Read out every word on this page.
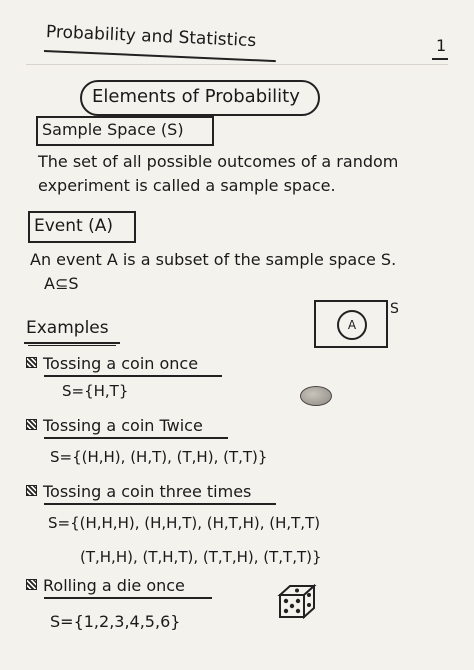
Probability and Statistics	1
Elements of Probability
Sample Space (S)
The set of all possible outcomes of a random
experiment is called a sample space.
Event (A)
An event A is a subset of the sample space S.
A⊆S
A
S
Examples
Tossing a coin once
S={H,T}
Tossing a coin Twice
S={(H,H), (H,T), (T,H), (T,T)}
Tossing a coin three times
S={(H,H,H), (H,H,T), (H,T,H), (H,T,T)
(T,H,H), (T,H,T), (T,T,H), (T,T,T)}
Rolling a die once
S={1,2,3,4,5,6}
